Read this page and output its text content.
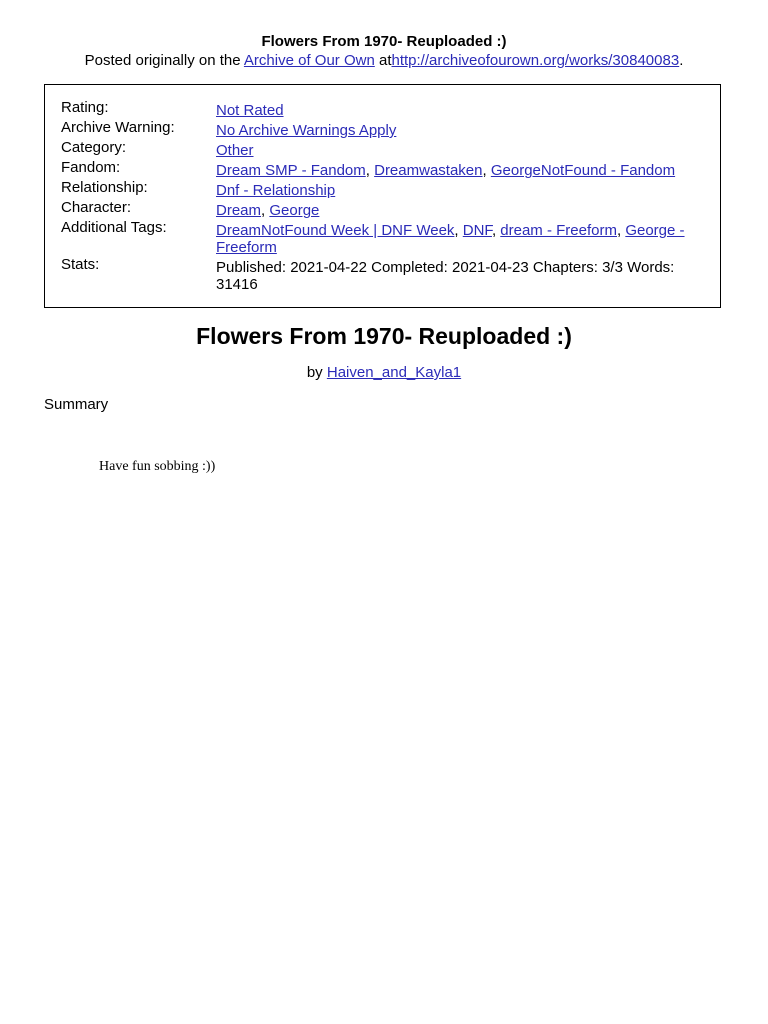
Flowers From 1970- Reuploaded :)
Posted originally on the Archive of Our Own athttp://archiveofourown.org/works/30840083.
Rating:	Not Rated
Archive Warning:	No Archive Warnings Apply
Category:	Other
Fandom:	Dream SMP - Fandom, Dreamwastaken, GeorgeNotFound - Fandom
Relationship:	Dnf - Relationship
Character:	Dream, George
Additional Tags:	DreamNotFound Week | DNF Week, DNF, dream - Freeform, George - Freeform
Stats:	Published: 2021-04-22 Completed: 2021-04-23 Chapters: 3/3 Words: 31416
Flowers From 1970- Reuploaded :)
by Haiven_and_Kayla1
Summary
Have fun sobbing :))
